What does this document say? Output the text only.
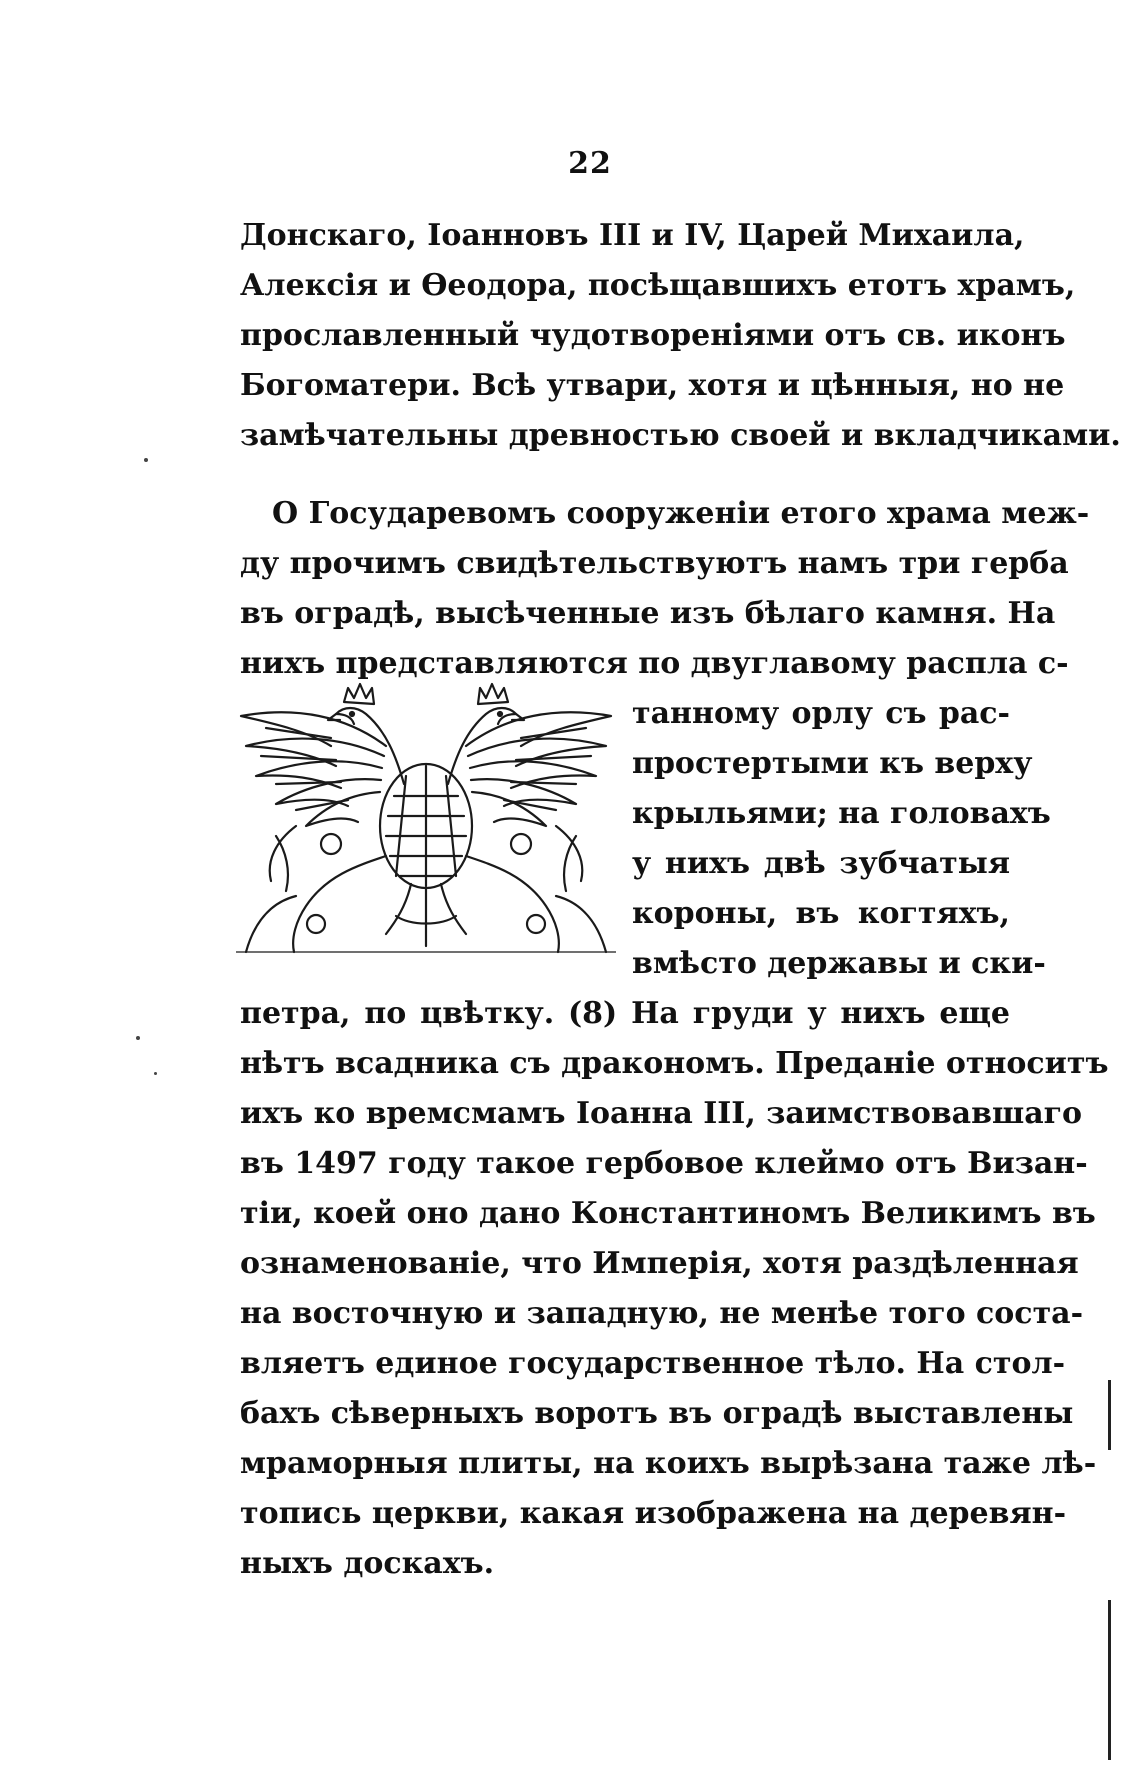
22
Донскаго, Іоанновъ III и IV, Царей Михаила,
Алексія и Өеодора, посѣщавшихъ етотъ храмъ,
прославленный чудотвореніями отъ св. иконъ
Богоматери. Всѣ утвари, хотя и цѣнныя, но не
замѣчательны древностью своей и вкладчиками.
О Государевомъ сооруженіи етого храма меж-
ду прочимъ свидѣтельствуютъ намъ три герба
въ оградѣ, высѣченные изъ бѣлаго камня. На
нихъ представляются по двуглавому распла с-
танному орлу съ рас-
простертыми къ верху
крыльями; на головахъ
у нихъ двѣ зубчатыя
короны, въ когтяхъ,
вмѣсто державы и ски-
петра, по цвѣтку. (8) На груди у нихъ еще
нѣтъ всадника съ дракономъ. Преданіе относитъ
ихъ ко времсмамъ Іоанна III, заимствовавшаго
въ 1497 году такое гербовое клеймо отъ Визан-
тіи, коей оно дано Константиномъ Великимъ въ
ознаменованіе, что Имперія, хотя раздѣленная
на восточную и западную, не менѣе того соста-
вляетъ единое государственное тѣло. На стол-
бахъ сѣверныхъ воротъ въ оградѣ выставлены
мраморныя плиты, на коихъ вырѣзана таже лѣ-
топись церкви, какая изображена на деревян-
ныхъ доскахъ.
